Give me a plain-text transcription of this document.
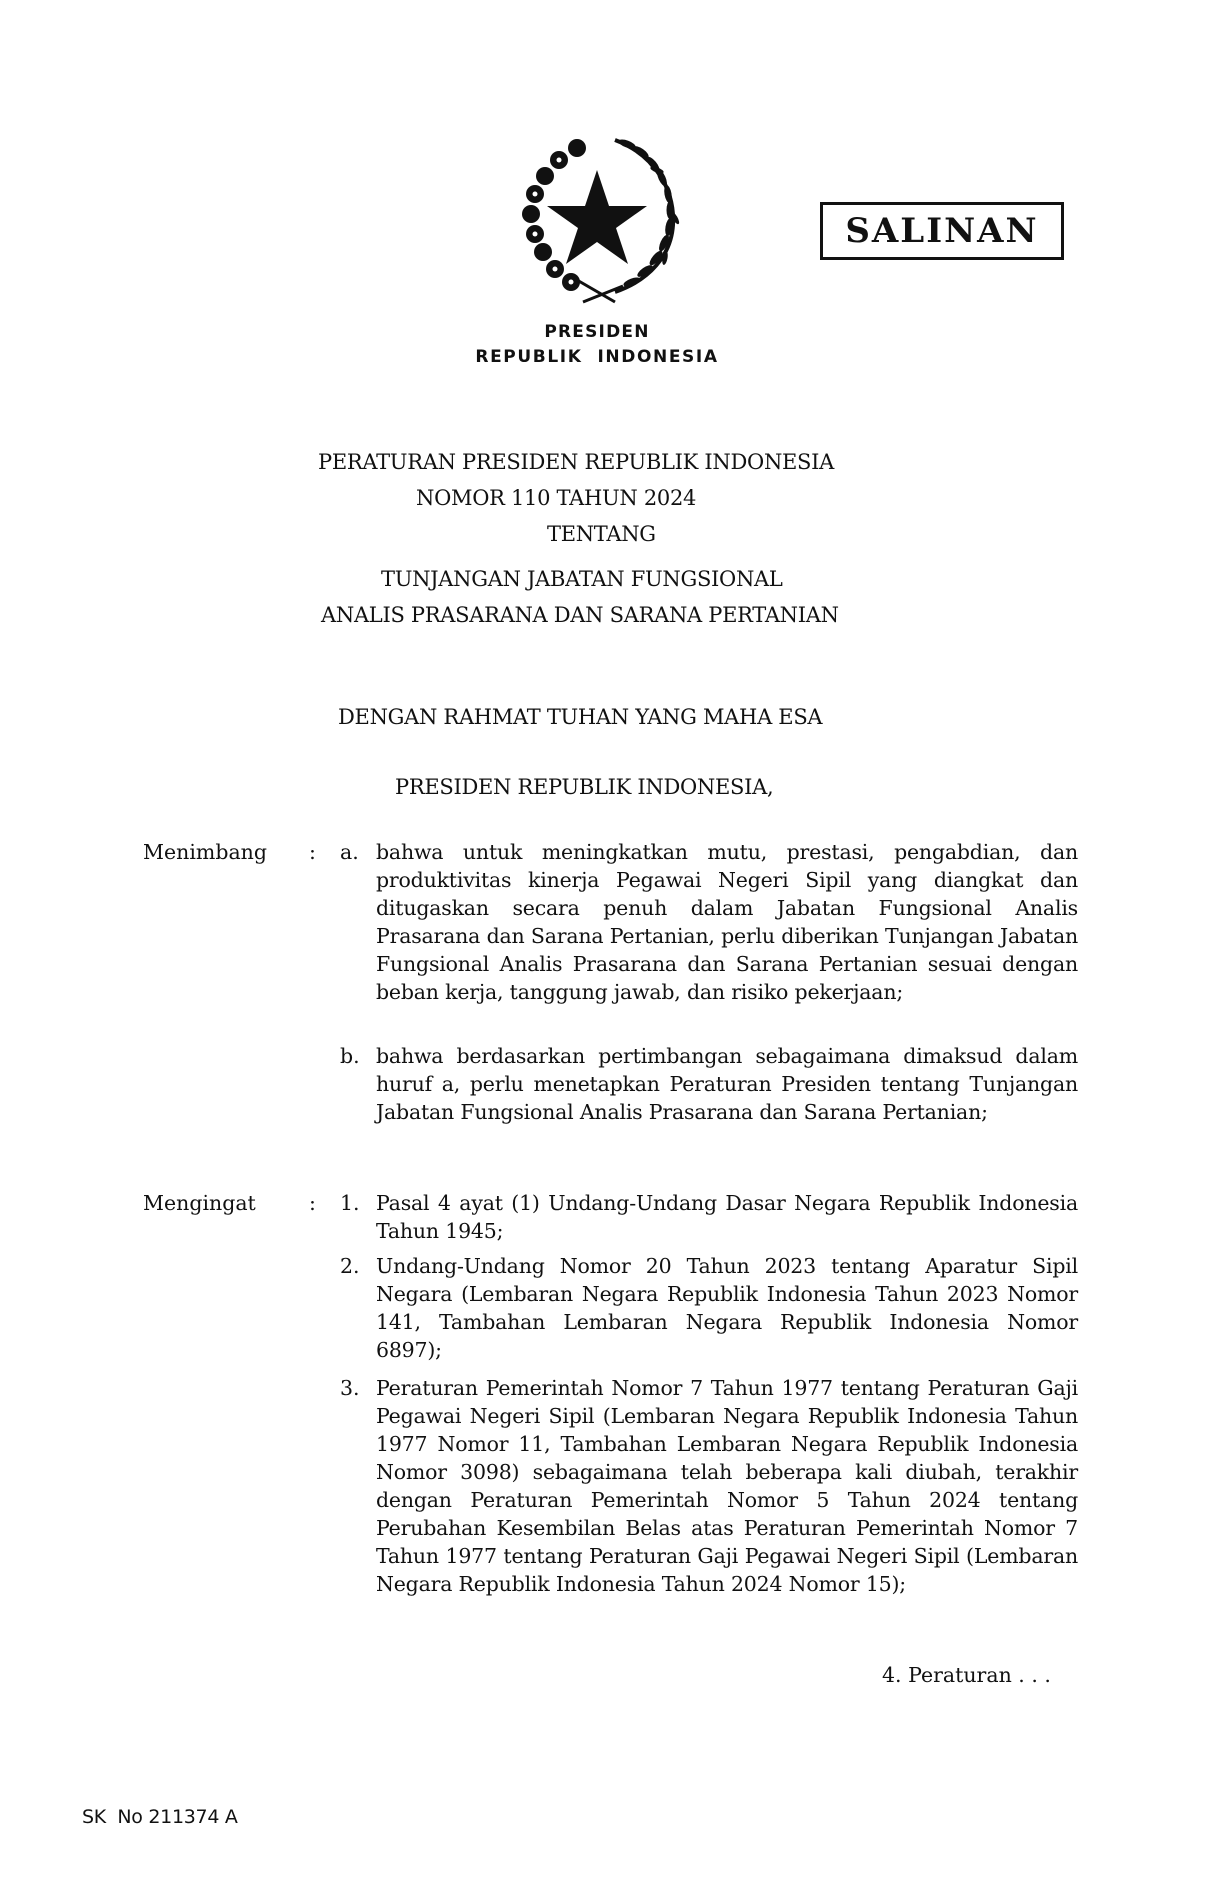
PRESIDEN
REPUBLIK  INDONESIA
SALINAN
PERATURAN PRESIDEN REPUBLIK INDONESIA
NOMOR 110 TAHUN 2024
TENTANG
TUNJANGAN JABATAN FUNGSIONAL
ANALIS PRASARANA DAN SARANA PERTANIAN
DENGAN RAHMAT TUHAN YANG MAHA ESA
PRESIDEN REPUBLIK INDONESIA,
Menimbang : a. bahwa untuk meningkatkan mutu, prestasi, pengabdian, dan produktivitas kinerja Pegawai Negeri Sipil yang diangkat dan ditugaskan secara penuh dalam Jabatan Fungsional Analis Prasarana dan Sarana Pertanian, perlu diberikan Tunjangan Jabatan Fungsional Analis Prasarana dan Sarana Pertanian sesuai dengan beban kerja, tanggung jawab, dan risiko pekerjaan;
b. bahwa berdasarkan pertimbangan sebagaimana dimaksud dalam huruf a, perlu menetapkan Peraturan Presiden tentang Tunjangan Jabatan Fungsional Analis Prasarana dan Sarana Pertanian;
Mengingat	: 1. Pasal 4 ayat (1) Undang-Undang Dasar Negara Republik Indonesia Tahun 1945;
2. Undang-Undang Nomor 20 Tahun 2023 tentang Aparatur Sipil Negara (Lembaran Negara Republik Indonesia Tahun 2023 Nomor 141, Tambahan Lembaran Negara Republik Indonesia Nomor 6897);
3. Peraturan Pemerintah Nomor 7 Tahun 1977 tentang Peraturan Gaji Pegawai Negeri Sipil (Lembaran Negara Republik Indonesia Tahun 1977 Nomor 11, Tambahan Lembaran Negara Republik Indonesia Nomor 3098) sebagaimana telah beberapa kali diubah, terakhir dengan Peraturan Pemerintah Nomor 5 Tahun 2024 tentang Perubahan Kesembilan Belas atas Peraturan Pemerintah Nomor 7 Tahun 1977 tentang Peraturan Gaji Pegawai Negeri Sipil (Lembaran Negara Republik Indonesia Tahun 2024 Nomor 15);
4. Peraturan . . .
SK  No 211374 A
